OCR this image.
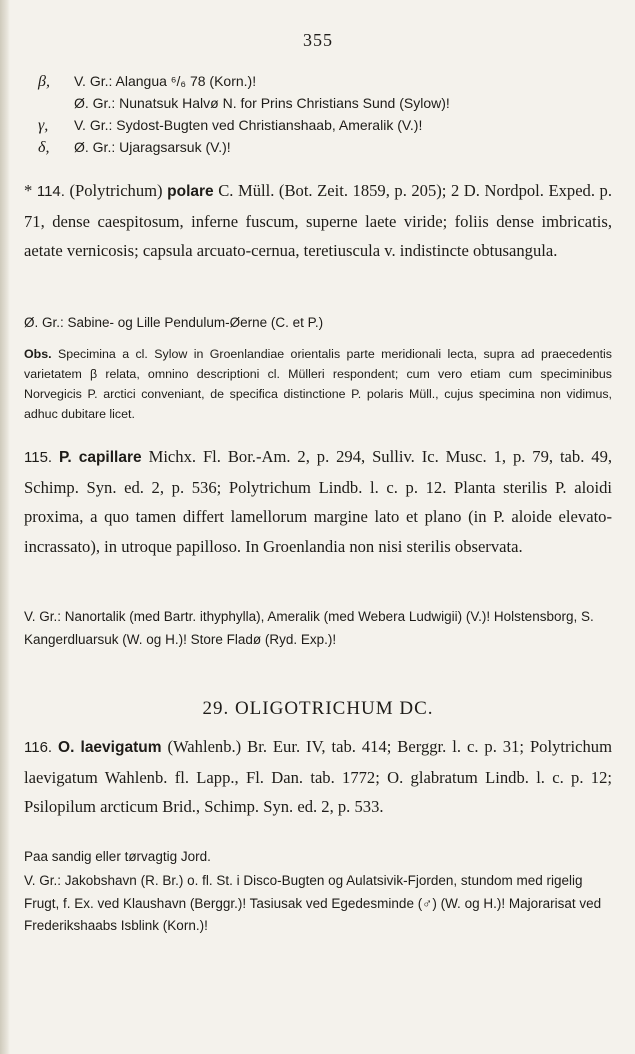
355
β, V. Gr.: Alangua ⁶/₆ 78 (Korn.)!
Ø. Gr.: Nunatsuk Halvø N. for Prins Christians Sund (Sylow)!
γ, V. Gr.: Sydost-Bugten ved Christianshaab, Ameralik (V.)!
δ, Ø. Gr.: Ujaragsarsuk (V.)!

* 114. (Polytrichum) polare C. Müll. (Bot. Zeit. 1859, p. 205); 2 D. Nordpol. Exped. p. 71, dense caespitosum, inferne fuscum, superne laete viride; foliis dense imbricatis, aetate vernicosis; capsula arcuato-cernua, teretiuscula v. indistincte obtusangula.

Ø. Gr.: Sabine- og Lille Pendulum-Øerne (C. et P.)
Obs. Specimina a cl. Sylow in Groenlandiae orientalis parte meridionali lecta, supra ad praecedentis varietatem β relata, omnino descriptioni cl. Mülleri respondent; cum vero etiam cum speciminibus Norvegicis P. arctici conveniant, de specifica distinctione P. polaris Müll., cujus specimina non vidimus, adhuc dubitare licet.

115. P. capillare Michx. Fl. Bor.-Am. 2, p. 294, Sulliv. Ic. Musc. 1, p. 79, tab. 49, Schimp. Syn. ed. 2, p. 536; Polytrichum Lindb. l. c. p. 12. Planta sterilis P. aloidi proxima, a quo tamen differt lamellorum margine lato et plano (in P. aloide elevato-incrassato), in utroque papilloso. In Groenlandia non nisi sterilis observata.

V. Gr.: Nanortalik (med Bartr. ithyphylla), Ameralik (med Webera Ludwigii) (V.)! Holstensborg, S. Kangerdluarsuk (W. og H.)! Store Fladø (Ryd. Exp.)!
29. OLIGOTRICHUM DC.

116. O. laevigatum (Wahlenb.) Br. Eur. IV, tab. 414; Berggr. l. c. p. 31; Polytrichum laevigatum Wahlenb. fl. Lapp., Fl. Dan. tab. 1772; O. glabratum Lindb. l. c. p. 12; Psilopilum arcticum Brid., Schimp. Syn. ed. 2, p. 533.

Paa sandig eller tørvagtig Jord.
V. Gr.: Jakobshavn (R. Br.) o. fl. St. i Disco-Bugten og Aulatsivik-Fjorden, stundom med rigelig Frugt, f. Ex. ved Klaushavn (Berggr.)! Tasiusak ved Egedesminde (♂) (W. og H.)! Majorarisat ved Frederikshaabs Isblink (Korn.)!
